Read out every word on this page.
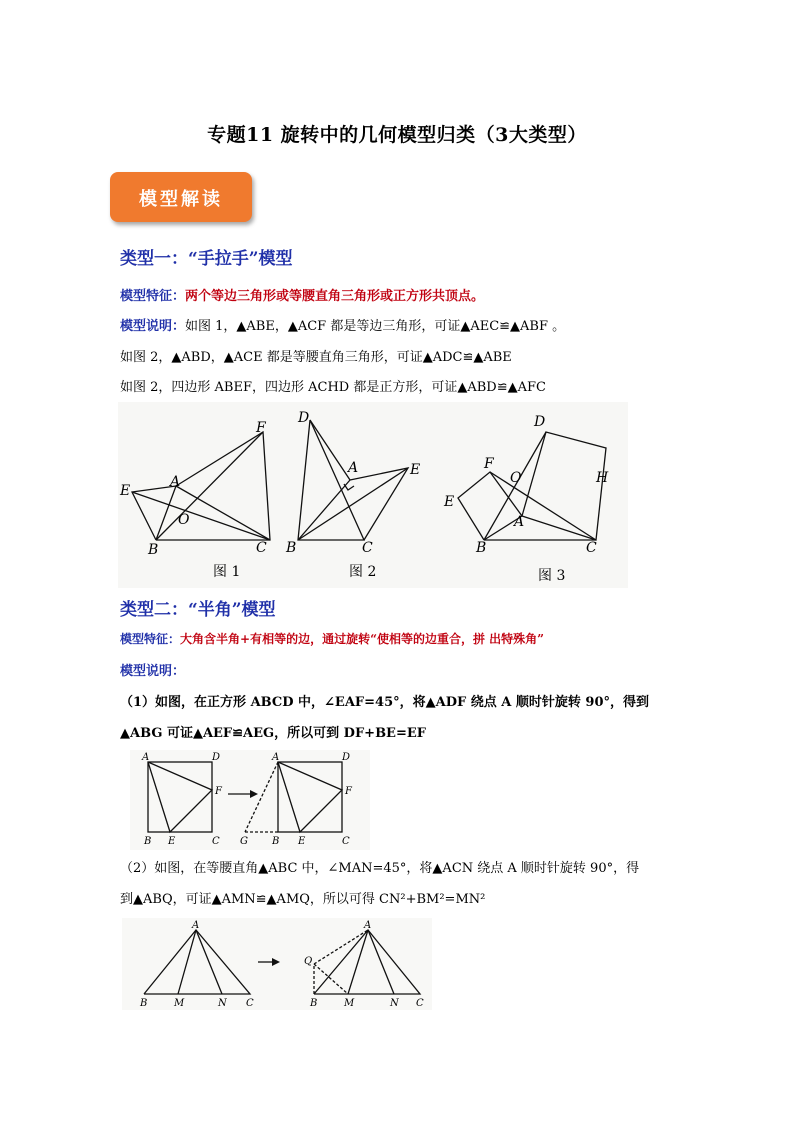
专题11 旋转中的几何模型归类（3大类型）
模型解读
类型一：“手拉手”模型
模型特征：两个等边三角形或等腰直角三角形或正方形共顶点。
模型说明：如图 1，▲ABE，▲ACF 都是等边三角形，可证▲AEC≌▲ABF 。
如图 2，▲ABD，▲ACE 都是等腰直角三角形，可证▲ADC≌▲ABE
如图 2，四边形 ABEF，四边形 ACHD 都是正方形，可证▲ABD≌▲AFC
E
F
A
O
B	C
图 1
D
A	E
B	C
图 2
D
F
O	H
E
A
B	C
图 3
类型二：“半角”模型
模型特征：大角含半角+有相等的边，通过旋转“使相等的边重合，拼 出特殊角”
模型说明：
（1）如图，在正方形 ABCD 中，∠EAF=45°，将▲ADF 绕点 A 顺时针旋转 90°，得到
▲ABG 可证▲AEF≌AEG，所以可到 DF+BE=EF
A	D
F
B E	C
A	D
F
G B E	C
（2）如图，在等腰直角▲ABC 中，∠MAN=45°，将▲ACN 绕点 A 顺时针旋转 90°，得
到▲ABQ，可证▲AMN≌▲AMQ，所以可得 CN²+BM²=MN²
A
B	M	N C
A
Q
B	M	N C
